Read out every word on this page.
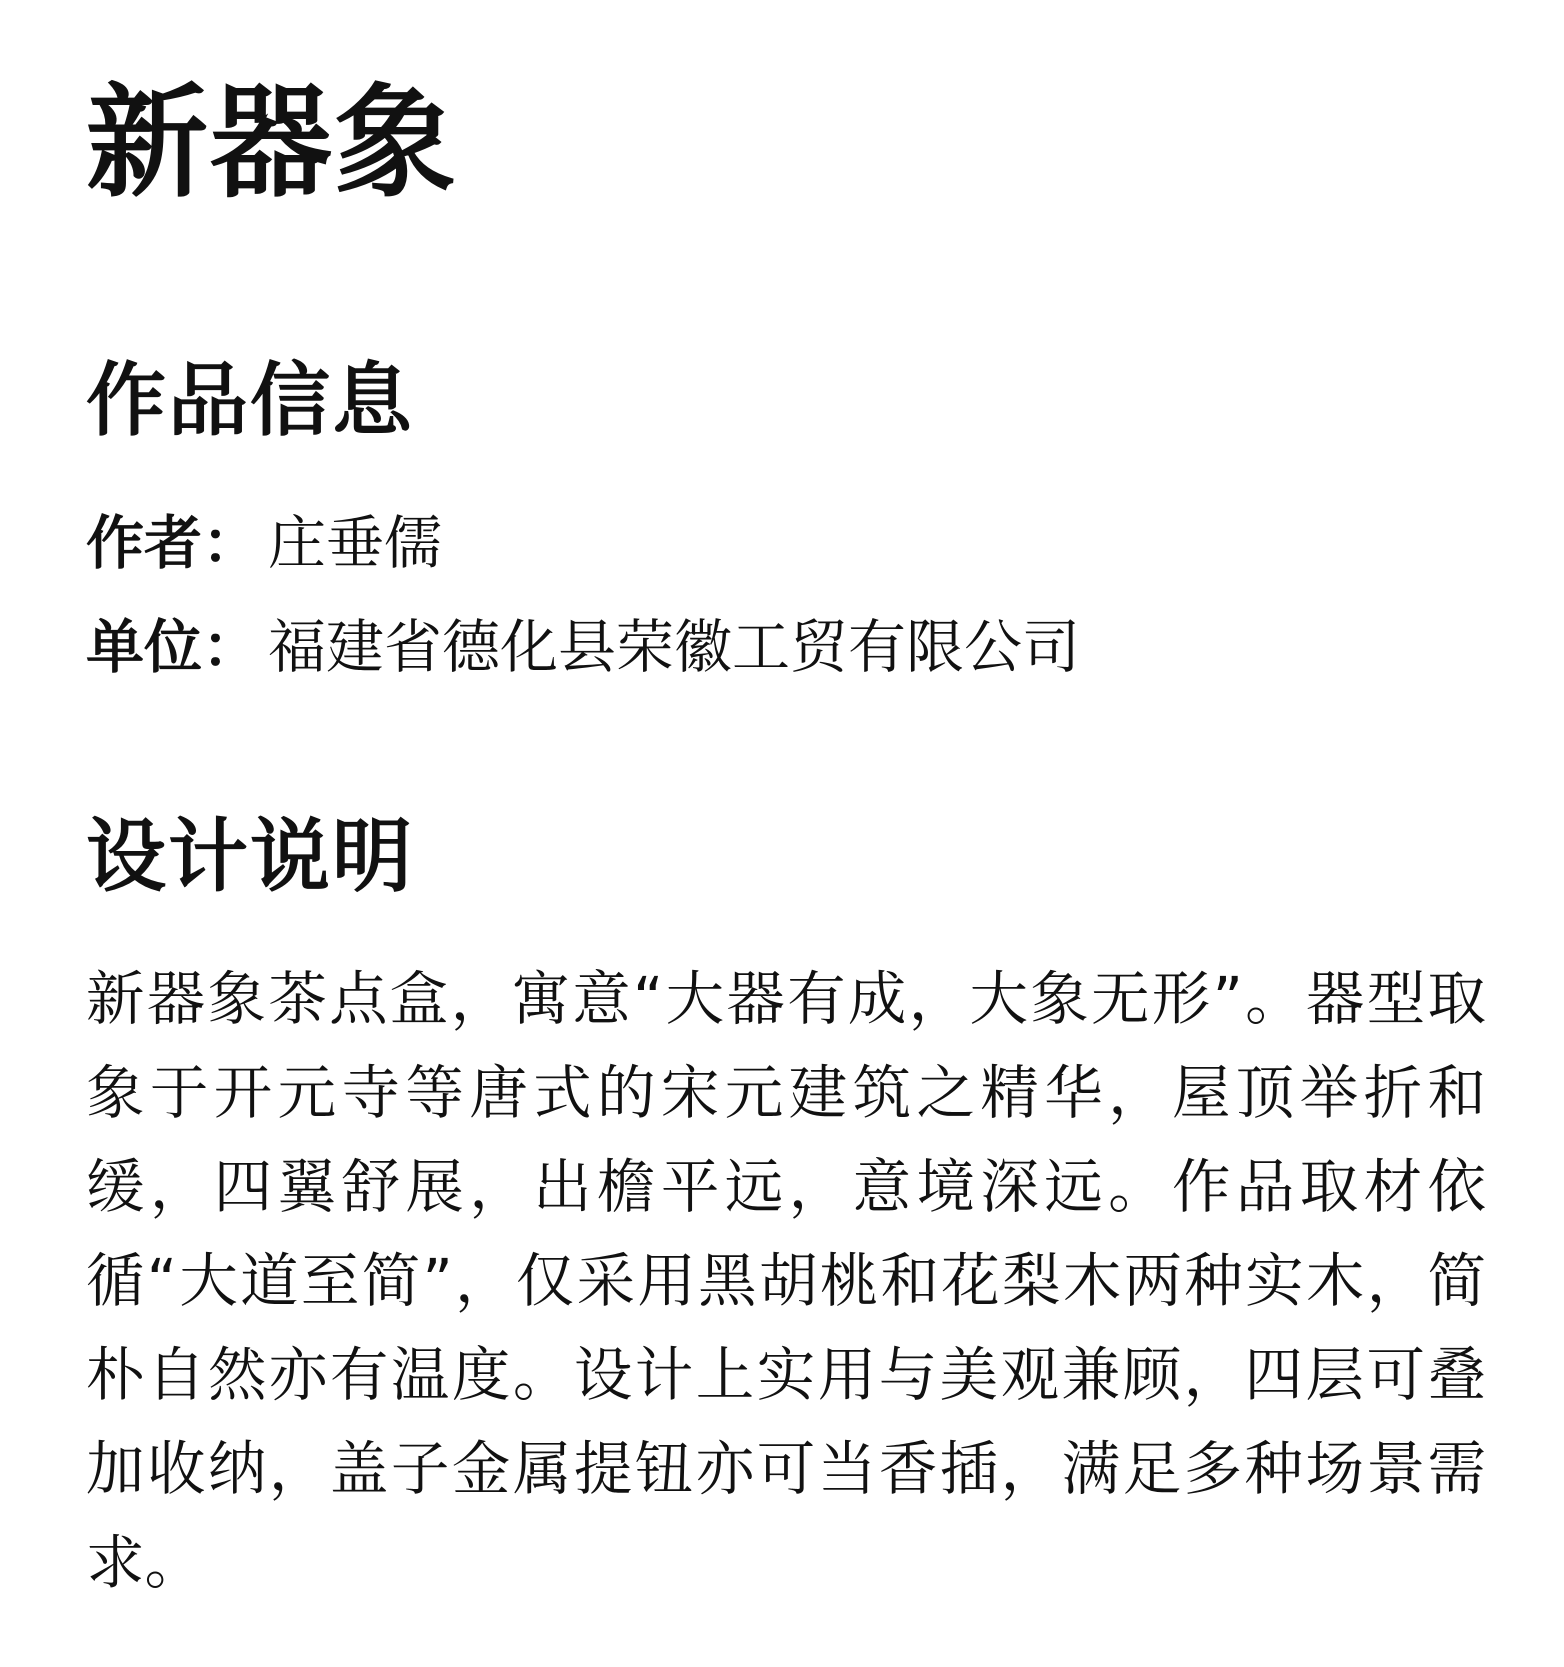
新器象
作品信息
作者： 庄垂儒
单位： 福建省德化县荣徽工贸有限公司
设计说明

新器象茶点盒，寓意“大器有成，大象无形”。器型取象于开元寺等唐式的宋元建筑之精华，屋顶举折和缓，四翼舒展，出檐平远，意境深远。作品取材依循“大道至简”，仅采用黑胡桃和花梨木两种实木，简朴自然亦有温度。设计上实用与美观兼顾，四层可叠加收纳，盖子金属提钮亦可当香插，满足多种场景需求。
